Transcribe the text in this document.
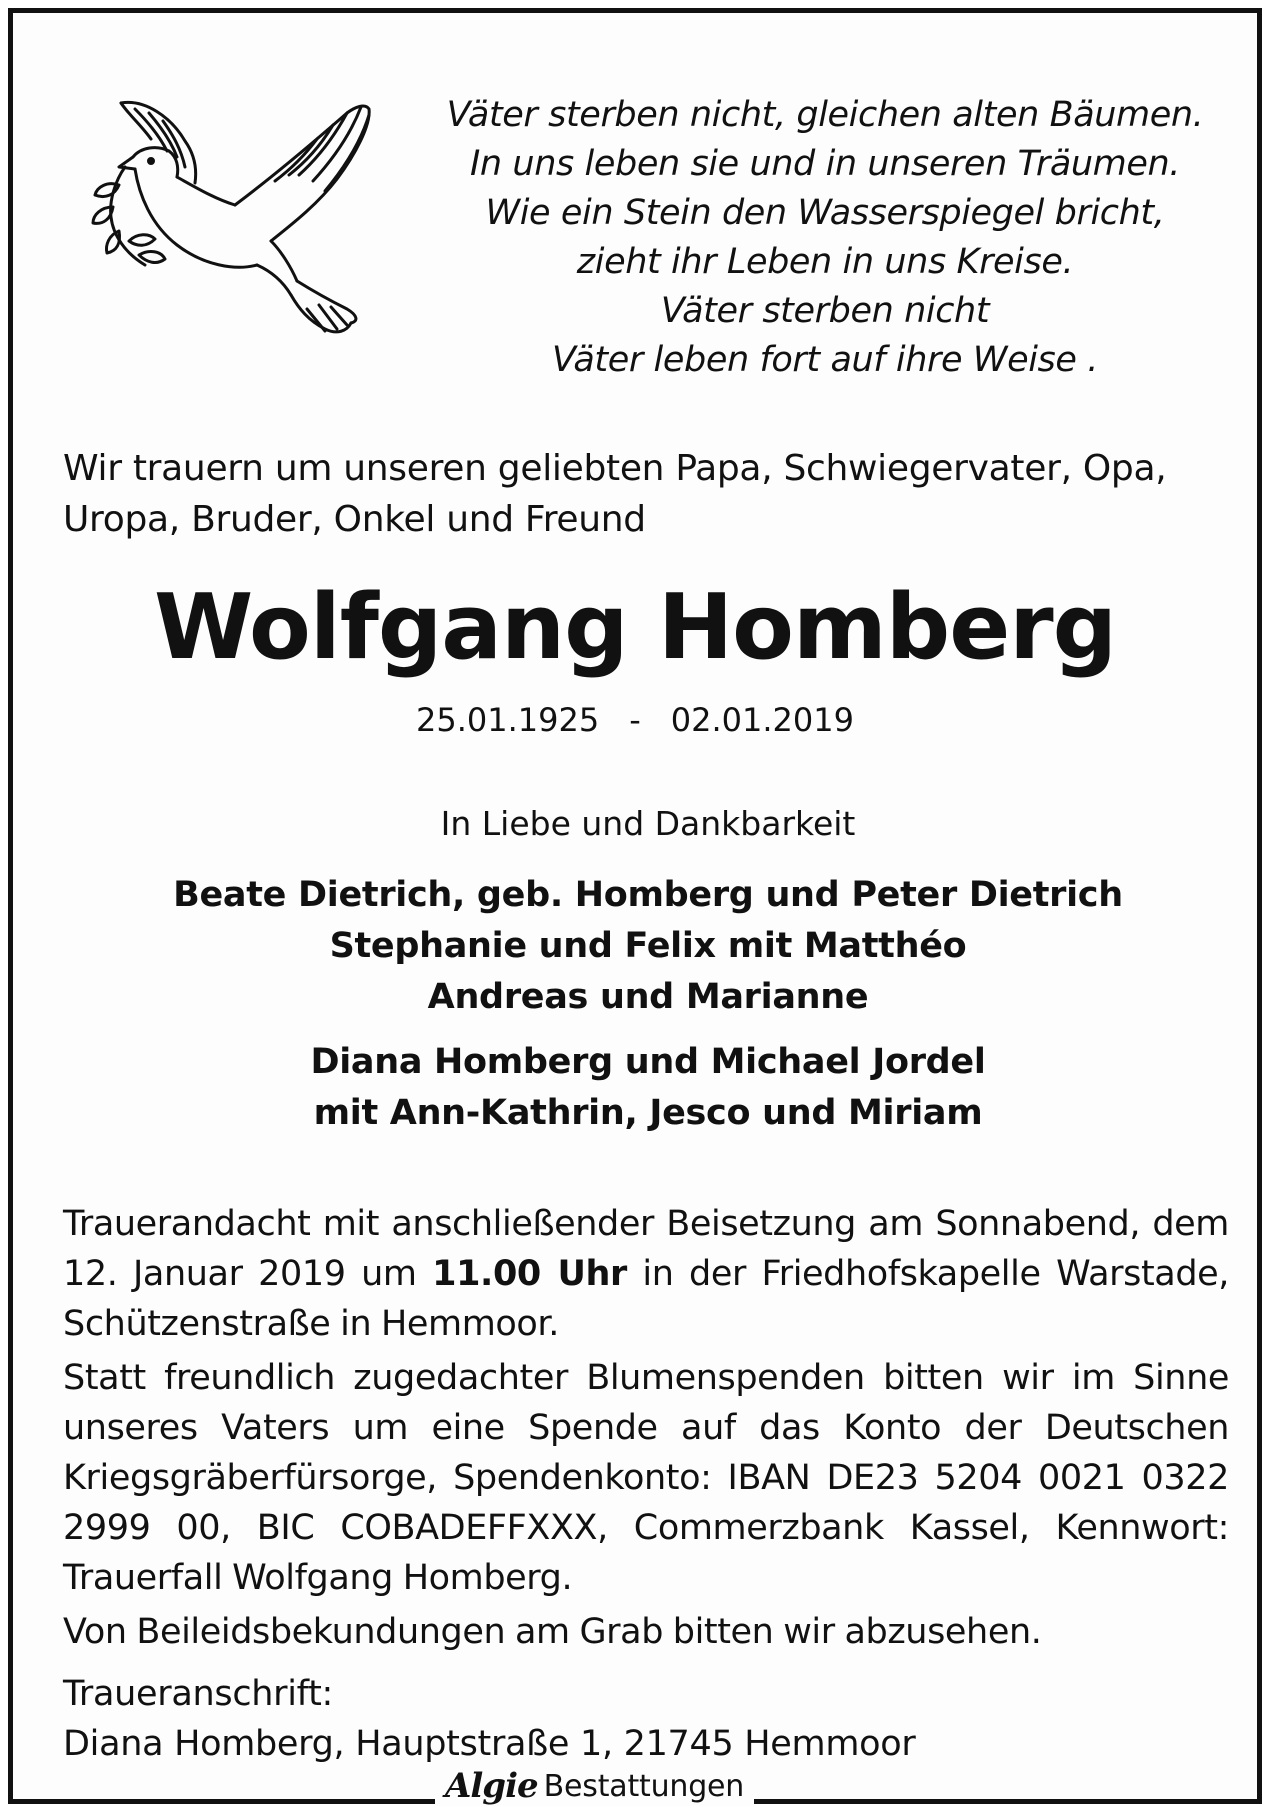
Väter sterben nicht, gleichen alten Bäumen.
In uns leben sie und in unseren Träumen.
Wie ein Stein den Wasserspiegel bricht,
zieht ihr Leben in uns Kreise.
Väter sterben nicht
Väter leben fort auf ihre Weise .
Wir trauern um unseren geliebten Papa, Schwiegervater, Opa,
Uropa, Bruder, Onkel und Freund
Wolfgang Homberg
25.01.1925 - 02.01.2019
In Liebe und Dankbarkeit
Beate Dietrich, geb. Homberg und Peter Dietrich
Stephanie und Felix mit Matthéo
Andreas und Marianne
Diana Homberg und Michael Jordel
mit Ann-Kathrin, Jesco und Miriam

Trauerandacht mit anschließender Beisetzung am Sonnabend, dem 12. Januar 2019 um 11.00 Uhr in der Friedhofskapelle Warstade, Schützenstraße in Hemmoor.

Statt freundlich zugedachter Blumenspenden bitten wir im Sinne unseres Vaters um eine Spende auf das Konto der Deutschen Kriegsgräberfürsorge, Spendenkonto: IBAN DE23 5204 0021 0322 2999 00, BIC COBADEFFXXX, Commerzbank Kassel, Kennwort: Trauerfall Wolfgang Homberg.

Von Beileidsbekundungen am Grab bitten wir abzusehen.

Traueranschrift:
Diana Homberg, Hauptstraße 1, 21745 Hemmoor
Algie Bestattungen
